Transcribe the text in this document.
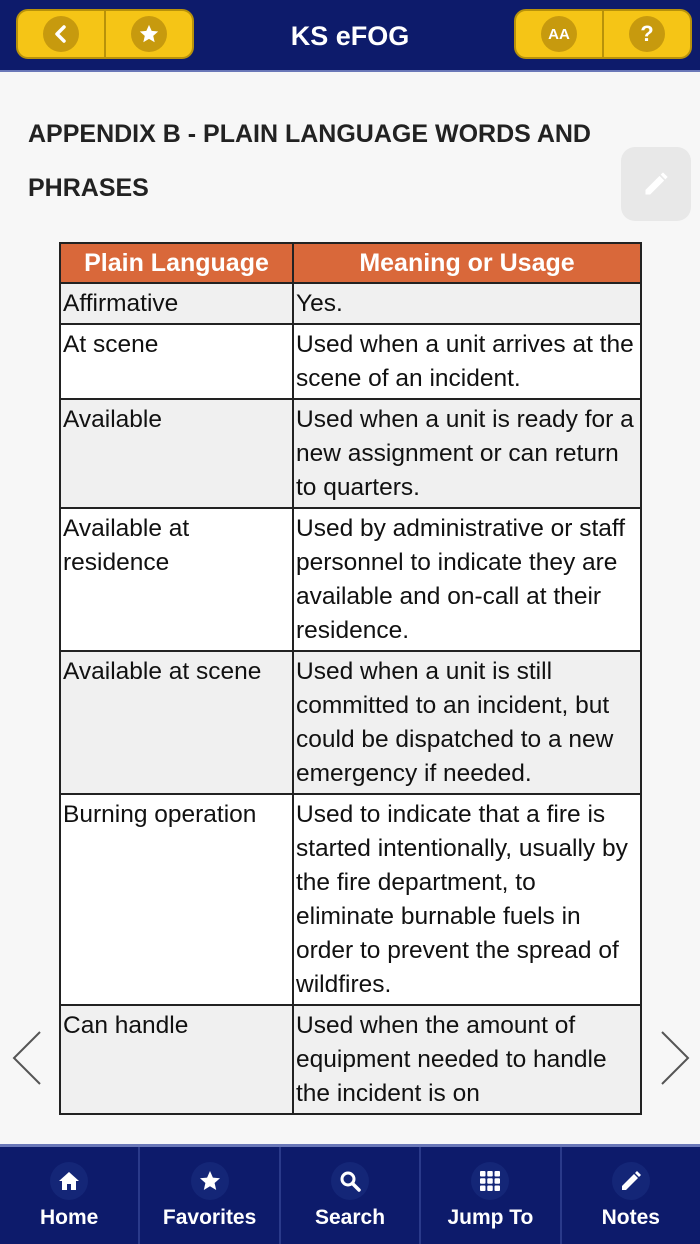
KS eFOG	AA	?
APPENDIX B - PLAIN LANGUAGE WORDS AND PHRASES
Plain Language	Meaning or Usage
Affirmative	Yes.
At scene	Used when a unit arrives at the scene of an incident.
Available	Used when a unit is ready for a new assignment or can return to quarters.
Available at residence	Used by administrative or staff personnel to indicate they are available and on-call at their residence.
Available at scene	Used when a unit is still committed to an incident, but could be dispatched to a new emergency if needed.
Burning operation	Used to indicate that a fire is started intentionally, usually by the fire department, to eliminate burnable fuels in order to prevent the spread of wildfires.
Can handle	Used when the amount of equipment needed to handle the incident is on
Home	Favorites	Search	Jump To	Notes
